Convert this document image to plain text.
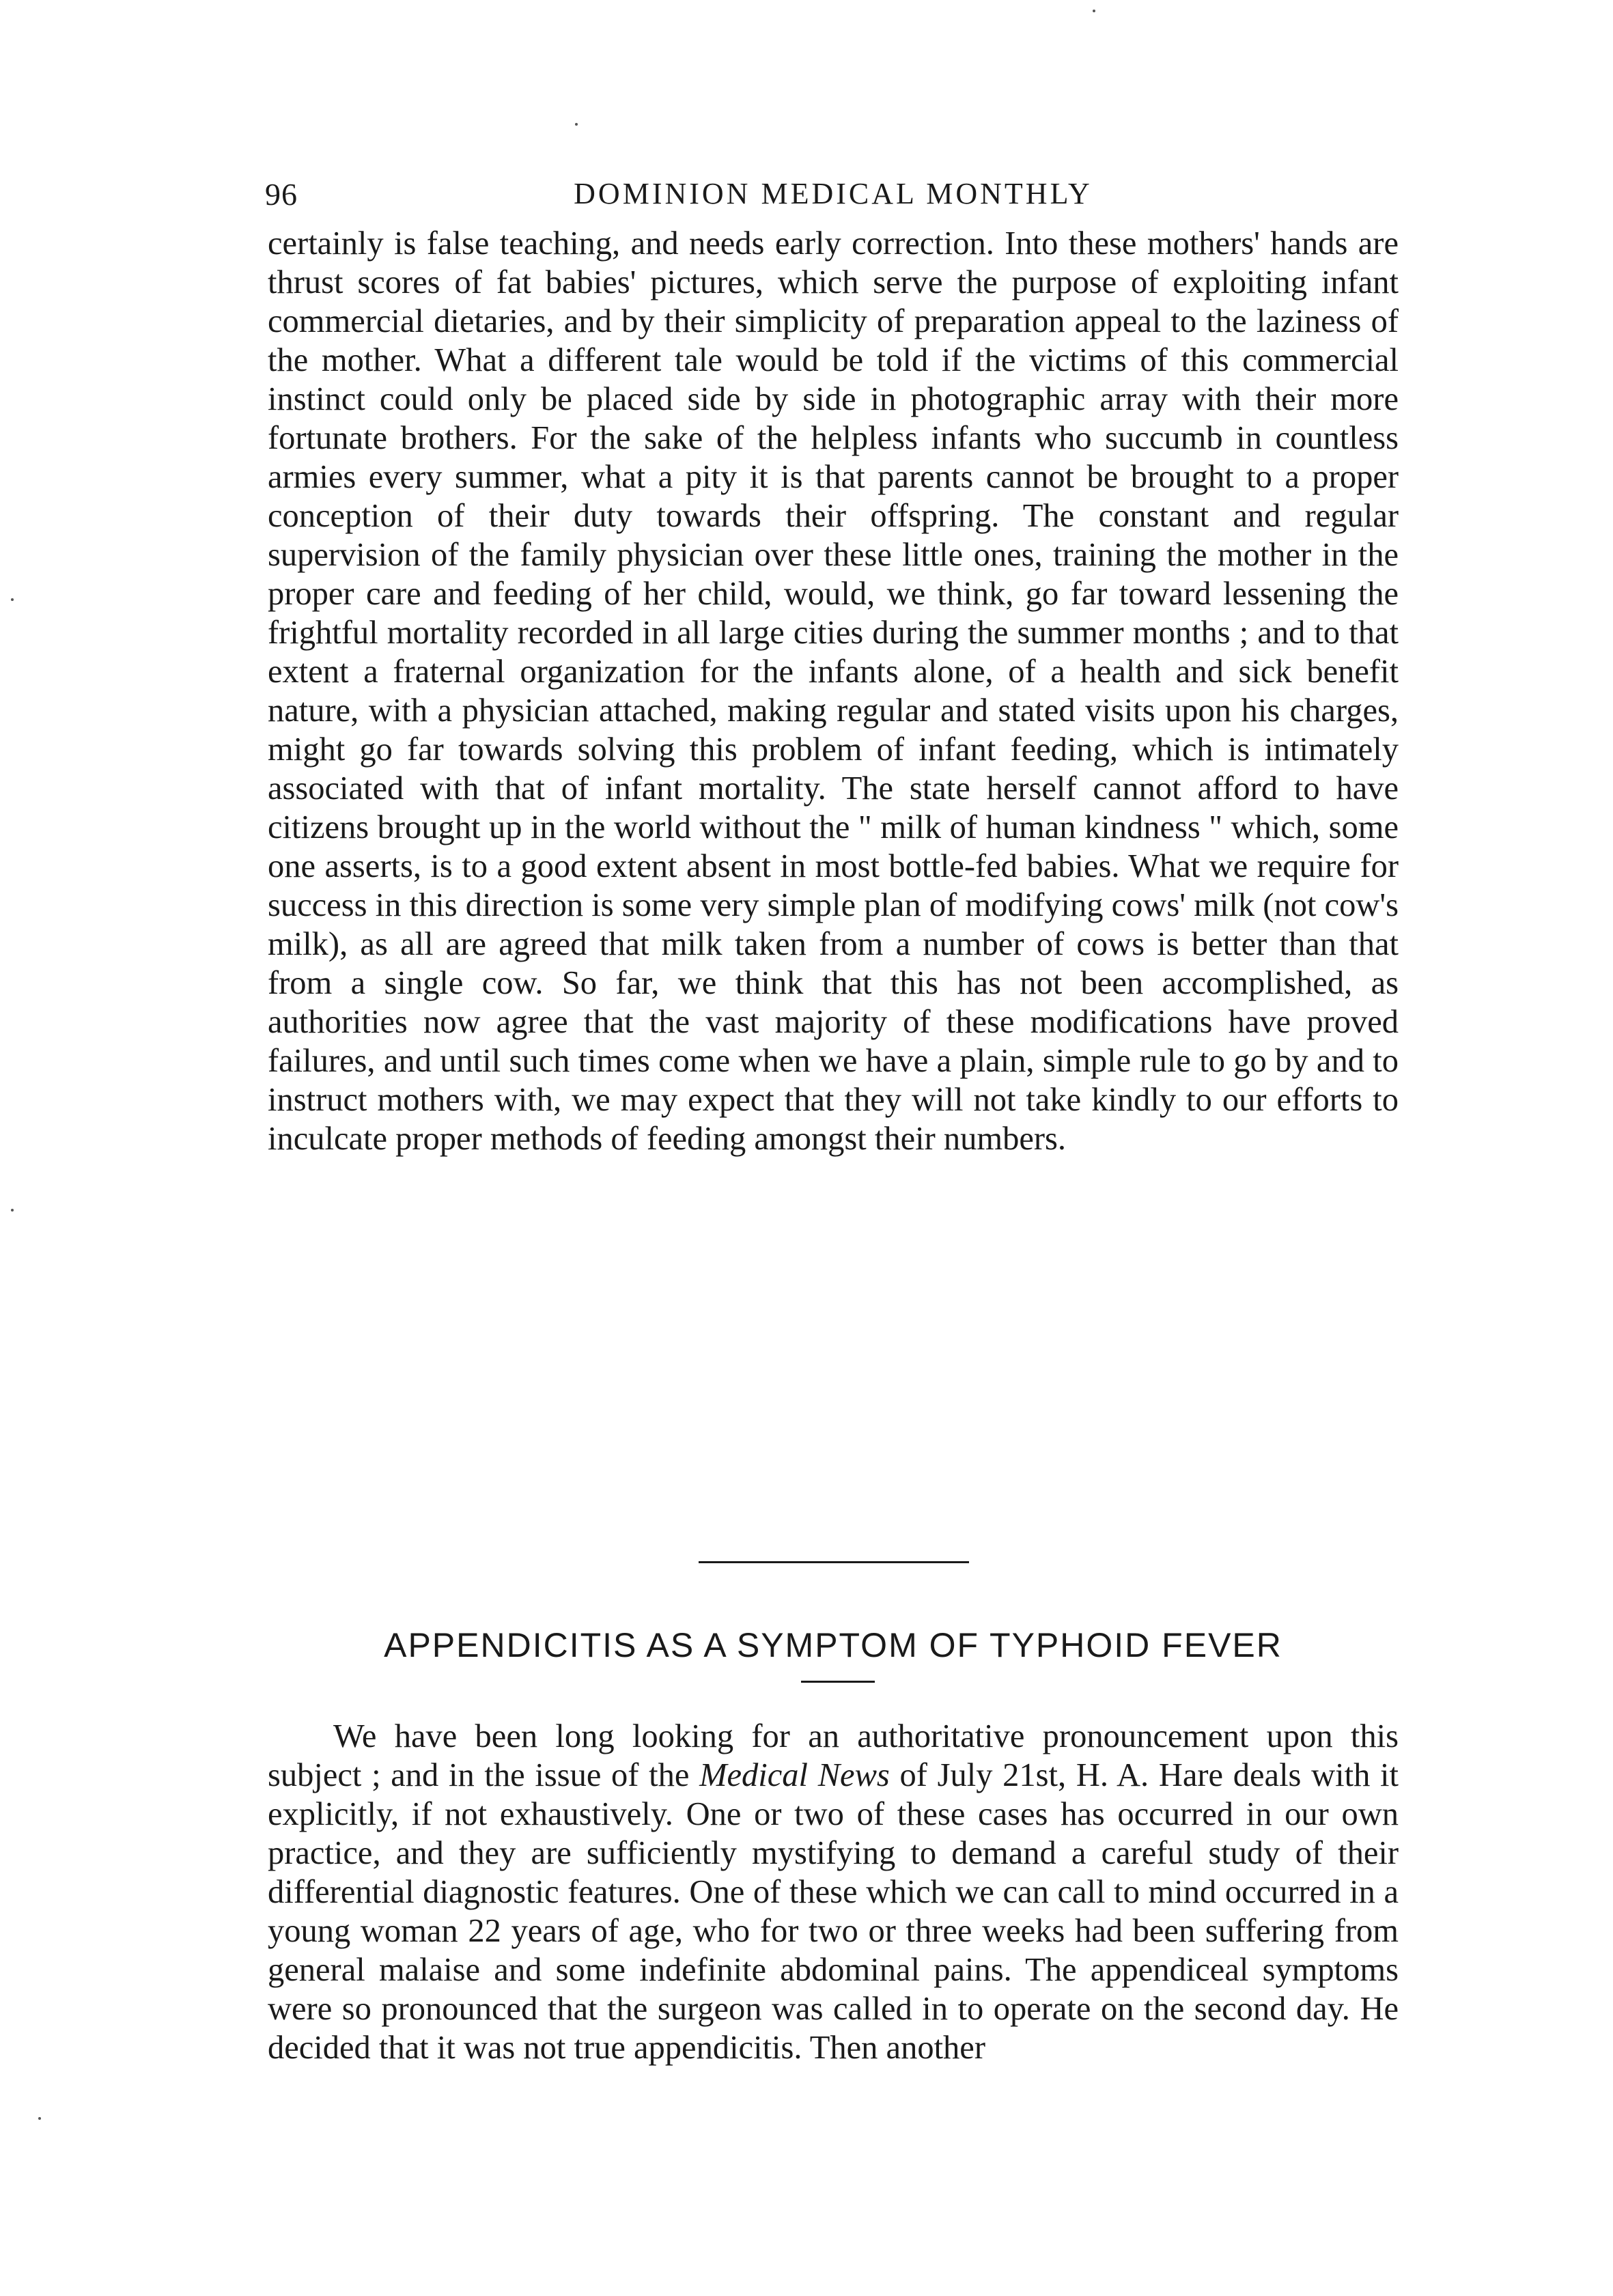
96	DOMINION MEDICAL MONTHLY

certainly is false teaching, and needs early correction. Into these mothers' hands are thrust scores of fat babies' pictures, which serve the purpose of exploiting infant commercial dietaries, and by their simplicity of preparation appeal to the laziness of the mother. What a different tale would be told if the victims of this commercial instinct could only be placed side by side in photographic array with their more fortunate brothers. For the sake of the helpless infants who succumb in countless armies every summer, what a pity it is that parents cannot be brought to a proper conception of their duty towards their offspring. The constant and regular supervision of the family physician over these little ones, training the mother in the proper care and feeding of her child, would, we think, go far toward lessening the frightful mortality recorded in all large cities during the summer months ; and to that extent a fraternal organization for the infants alone, of a health and sick benefit nature, with a physician attached, making regular and stated visits upon his charges, might go far towards solving this problem of infant feeding, which is intimately associated with that of infant mortality. The state herself cannot afford to have citizens brought up in the world without the " milk of human kindness " which, some one asserts, is to a good extent absent in most bottle-fed babies. What we require for success in this direction is some very simple plan of modifying cows' milk (not cow's milk), as all are agreed that milk taken from a number of cows is better than that from a single cow. So far, we think that this has not been accomplished, as authorities now agree that the vast majority of these modifications have proved failures, and until such times come when we have a plain, simple rule to go by and to instruct mothers with, we may expect that they will not take kindly to our efforts to inculcate proper methods of feeding amongst their numbers.

APPENDICITIS AS A SYMPTOM OF TYPHOID FEVER

We have been long looking for an authoritative pronouncement upon this subject ; and in the issue of the Medical News of July 21st, H. A. Hare deals with it explicitly, if not exhaustively. One or two of these cases has occurred in our own practice, and they are sufficiently mystifying to demand a careful study of their differential diagnostic features. One of these which we can call to mind occurred in a young woman 22 years of age, who for two or three weeks had been suffering from general malaise and some indefinite abdominal pains. The appendiceal symptoms were so pronounced that the surgeon was called in to operate on the second day. He decided that it was not true appendicitis. Then another
